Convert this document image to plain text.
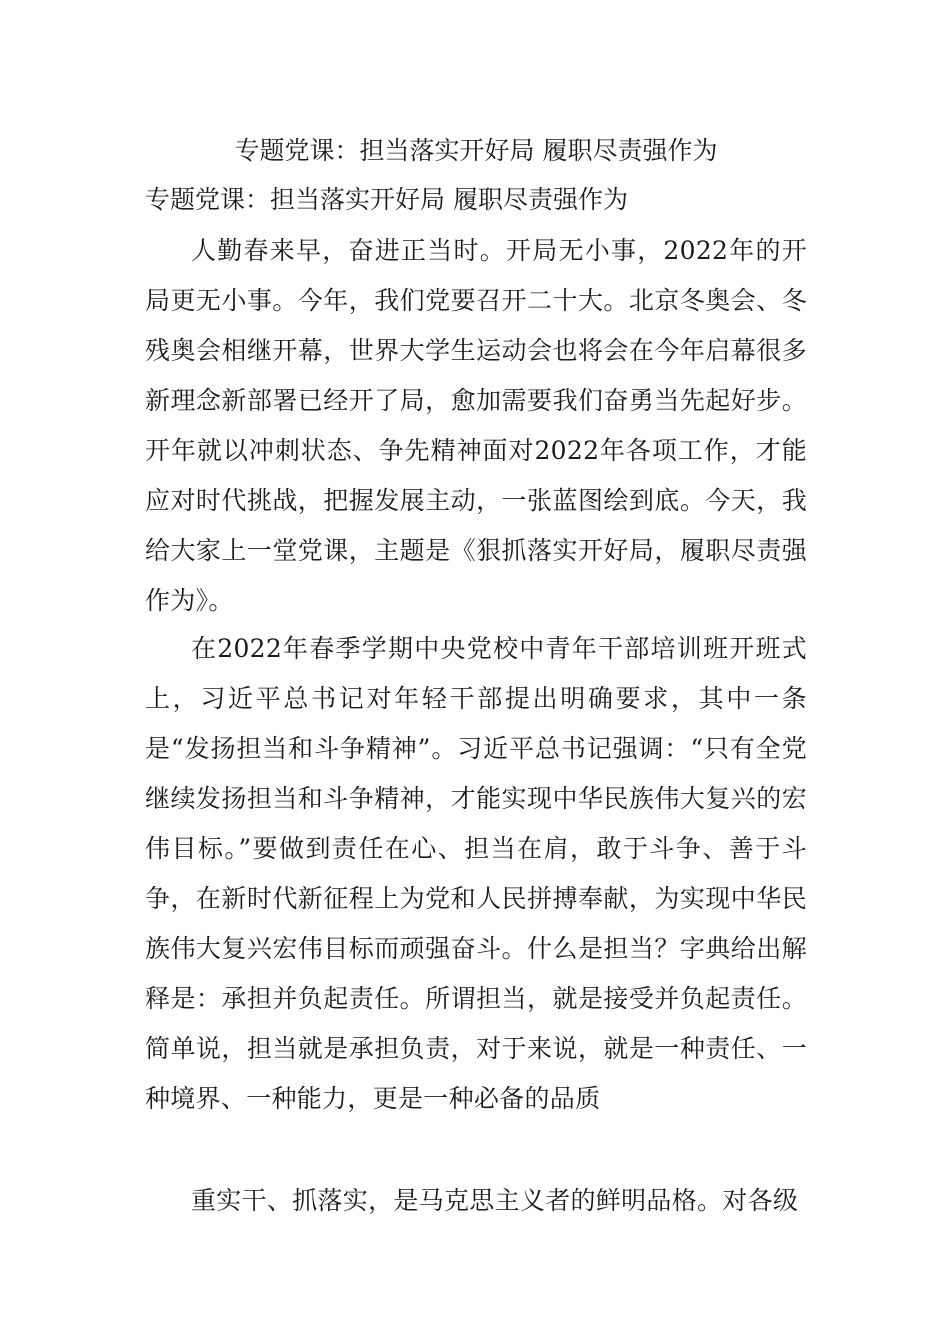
专题党课：担当落实开好局 履职尽责强作为
专题党课：担当落实开好局 履职尽责强作为

人勤春来早，奋进正当时。开局无小事，2022年的开局更无小事。今年，我们党要召开二十大。北京冬奥会、冬残奥会相继开幕，世界大学生运动会也将会在今年启幕很多新理念新部署已经开了局，愈加需要我们奋勇当先起好步。开年就以冲刺状态、争先精神面对2022年各项工作，才能应对时代挑战，把握发展主动，一张蓝图绘到底。今天，我给大家上一堂党课，主题是《狠抓落实开好局，履职尽责强作为》。

在2022年春季学期中央党校中青年干部培训班开班式上，习近平总书记对年轻干部提出明确要求，其中一条是“发扬担当和斗争精神”。习近平总书记强调：“只有全党继续发扬担当和斗争精神，才能实现中华民族伟大复兴的宏伟目标。”要做到责任在心、担当在肩，敢于斗争、善于斗争，在新时代新征程上为党和人民拼搏奉献，为实现中华民族伟大复兴宏伟目标而顽强奋斗。什么是担当？字典给出解释是：承担并负起责任。所谓担当，就是接受并负起责任。简单说，担当就是承担负责，对于来说，就是一种责任、一种境界、一种能力，更是一种必备的品质

重实干、抓落实，是马克思主义者的鲜明品格。对各级
